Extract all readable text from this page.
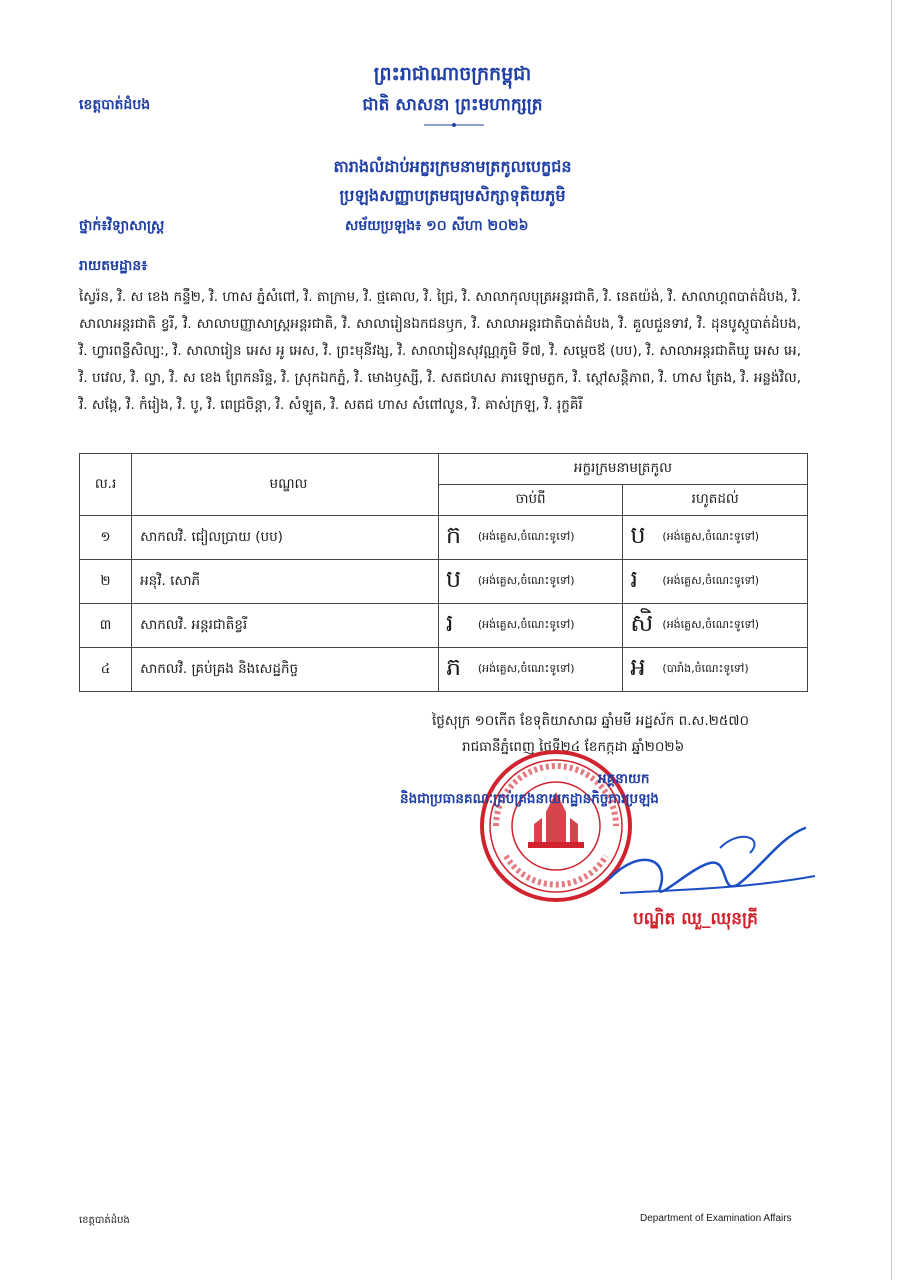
ព្រះរាជាណាចក្រកម្ពុជា
ជាតិ សាសនា ព្រះមហាក្សត្រ
ខេត្តបាត់ដំបង
តារាងលំដាប់អក្ខរក្រមនាមត្រកូលបេក្ខជន
ប្រឡងសញ្ញាបត្រមធ្យមសិក្សាទុតិយភូមិ
ថ្នាក់៖វិទ្យាសាស្ត្រ	សម័យប្រឡង៖ ១០ សីហា ២០២៦
រាយតមដ្ឋាន៖
ស្វៃរ៉ន, វិ. ស ខេង កន្ទឺ២, វិ. ហាស ភ្នំសំពៅ, វិ. តាក្រាម, វិ. ថ្មគោល, វិ. ជ្រៃ, វិ. សាលាកុលបុត្រអន្តរជាតិ, វិ. នេតយ៉ង់, វិ. សាលាហ្គពបាត់ដំបង, វិ. សាលាអន្តរជាតិ ខ្វរី, វិ. សាលាបញ្ញាសាស្ត្រអន្តរជាតិ, វិ. សាលារៀនឯកជនឫក, វិ. សាលាអន្តរជាតិបាត់ដំបង, វិ. គួលជួនទាវ, វិ. ដុនបូស្កូបាត់ដំបង, វិ. ហ្វារពន្លឺសិល្បៈ, វិ. សាលារៀន អេស អូ អេស, វិ. ព្រះមុនីវង្ស, វិ. សាលារៀនសុវណ្ណភូមិ ទី៧, វិ. សម្តេចឪ (បប), វិ. សាលាអន្តរជាតិឃូ អេស អេ, វិ. បវេល, វិ. ល្វា, វិ. ស ខេង ព្រែកនរិន្ទ, វិ. ស្រុកឯកភ្នំ, វិ. មោងឫស្សី, វិ. សតជហស ភារឡោមភ្លក, វិ. ស្តៅសន្តិភាព, វិ. ហាស ត្រែង, វិ. អន្លង់វិល, វិ. សង្កែ, វិ. កំរៀង, វិ. បូ, វិ. ពេជ្រចិន្តា, វិ. សំឡូត, វិ. សតជ ហាស សំពៅលូន, វិ. គាស់ក្រឡ, វិ. រុក្ខគិរី
ល.រ	មណ្ឌល	អក្ខរក្រមនាមត្រកូល	
		ចាប់ពី	រហូតដល់
១	សាកលវិ. ជៀលប្រាយ (បប)	ក (អង់គ្លេស,ចំណេះទូទៅ)	ប (អង់គ្លេស,ចំណេះទូទៅ)
២	អនុវិ. សោភី	ប (អង់គ្លេស,ចំណេះទូទៅ)	រ (អង់គ្លេស,ចំណេះទូទៅ)
៣	សាកលវិ. អន្តរជាតិខ្វរី	រ (អង់គ្លេស,ចំណេះទូទៅ)	សិ (អង់គ្លេស,ចំណេះទូទៅ)
៤	សាកលវិ. គ្រប់គ្រង និងសេដ្ឋកិច្ច	ភ (អង់គ្លេស,ចំណេះទូទៅ)	អ (បារាំង,ចំណេះទូទៅ)
ថ្ងៃសុក្រ ១០កើត ខែទុតិយាសាឍ ឆ្នាំមមី អដ្ឋស័ក ព.ស.២៥៧០
រាជធានីភ្នំពេញ ថ្ងៃទី២៤ ខែកក្កដា ឆ្នាំ២០២៦
អគ្គនាយក
និងជាប្រធានគណៈគ្រប់គ្រងនាយកដ្ឋានកិច្ចការប្រឡង
បណ្ឌិត ឈួ_ឈុនគ្រី
ខេត្តបាត់ដំបង	Department of Examination Affairs
